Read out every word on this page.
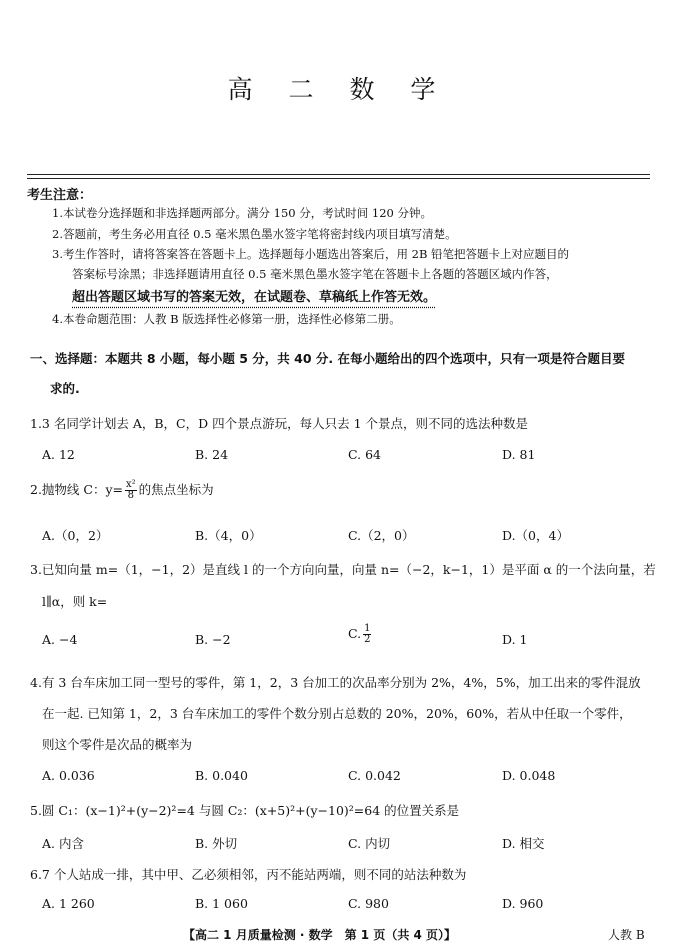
高 二 数 学
考生注意：
1.本试卷分选择题和非选择题两部分。满分 150 分，考试时间 120 分钟。
2.答题前，考生务必用直径 0.5 毫米黑色墨水签字笔将密封线内项目填写清楚。
3.考生作答时，请将答案答在答题卡上。选择题每小题选出答案后，用 2B 铅笔把答题卡上对应题目的
答案标号涂黑；非选择题请用直径 0.5 毫米黑色墨水签字笔在答题卡上各题的答题区域内作答，
超出答题区域书写的答案无效，在试题卷、草稿纸上作答无效。
4.本卷命题范围：人教 B 版选择性必修第一册，选择性必修第二册。
一、选择题：本题共 8 小题，每小题 5 分，共 40 分. 在每小题给出的四个选项中，只有一项是符合题目要
求的.
1.3 名同学计划去 A，B，C，D 四个景点游玩，每人只去 1 个景点，则不同的选法种数是
A. 12	B. 24	C. 64	D. 81
2.抛物线 C：$y= \frac{\text{x²}}{8}$ 的焦点坐标为
A.（0，2）	B.（4，0）	C.（2，0）	D.（0，4）
3.已知向量 m=（1，−1，2）是直线 l 的一个方向向量，向量 n=（−2，k−1，1）是平面 α 的一个法向量，若
l∥α，则 k=
A. −4	B. −2	C. $\frac{1}{2}$	D. 1
4.有 3 台车床加工同一型号的零件，第 1，2，3 台加工的次品率分别为 2%，4%，5%，加工出来的零件混放
在一起. 已知第 1，2，3 台车床加工的零件个数分别占总数的 20%，20%，60%，若从中任取一个零件，
则这个零件是次品的概率为
A. 0.036	B. 0.040	C. 0.042	D. 0.048
5.圆 C₁：(x−1)²+(y−2)²=4 与圆 C₂：(x+5)²+(y−10)²=64 的位置关系是
A. 内含	B. 外切	C. 内切	D. 相交
6.7 个人站成一排，其中甲、乙必须相邻，丙不能站两端，则不同的站法种数为
A. 1 260	B. 1 060	C. 980	D. 960
【高二 1 月质量检测 · 数学　第 1 页（共 4 页）】	人教 B
